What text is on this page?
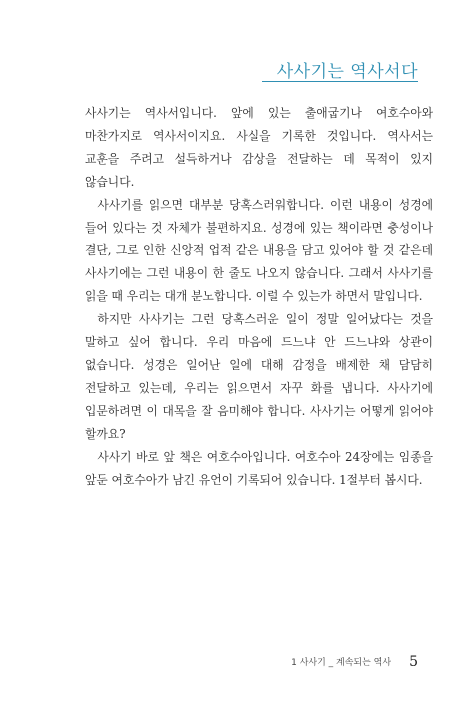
사사기는 역사서다

사사기는 역사서입니다. 앞에 있는 출애굽기나 여호수아와 마찬가지로 역사서이지요. 사실을 기록한 것입니다. 역사서는 교훈을 주려고 설득하거나 감상을 전달하는 데 목적이 있지 않습니다.

사사기를 읽으면 대부분 당혹스러워합니다. 이런 내용이 성경에 들어 있다는 것 자체가 불편하지요. 성경에 있는 책이라면 충성이나 결단, 그로 인한 신앙적 업적 같은 내용을 담고 있어야 할 것 같은데 사사기에는 그런 내용이 한 줄도 나오지 않습니다. 그래서 사사기를 읽을 때 우리는 대개 분노합니다. 이럴 수 있는가 하면서 말입니다.

하지만 사사기는 그런 당혹스러운 일이 정말 일어났다는 것을 말하고 싶어 합니다. 우리 마음에 드느냐 안 드느냐와 상관이 없습니다. 성경은 일어난 일에 대해 감정을 배제한 채 담담히 전달하고 있는데, 우리는 읽으면서 자꾸 화를 냅니다. 사사기에 입문하려면 이 대목을 잘 음미해야 합니다. 사사기는 어떻게 읽어야 할까요?

사사기 바로 앞 책은 여호수아입니다. 여호수아 24장에는 임종을 앞둔 여호수아가 남긴 유언이 기록되어 있습니다. 1절부터 봅시다.

1 사사기 _ 계속되는 역사 5
